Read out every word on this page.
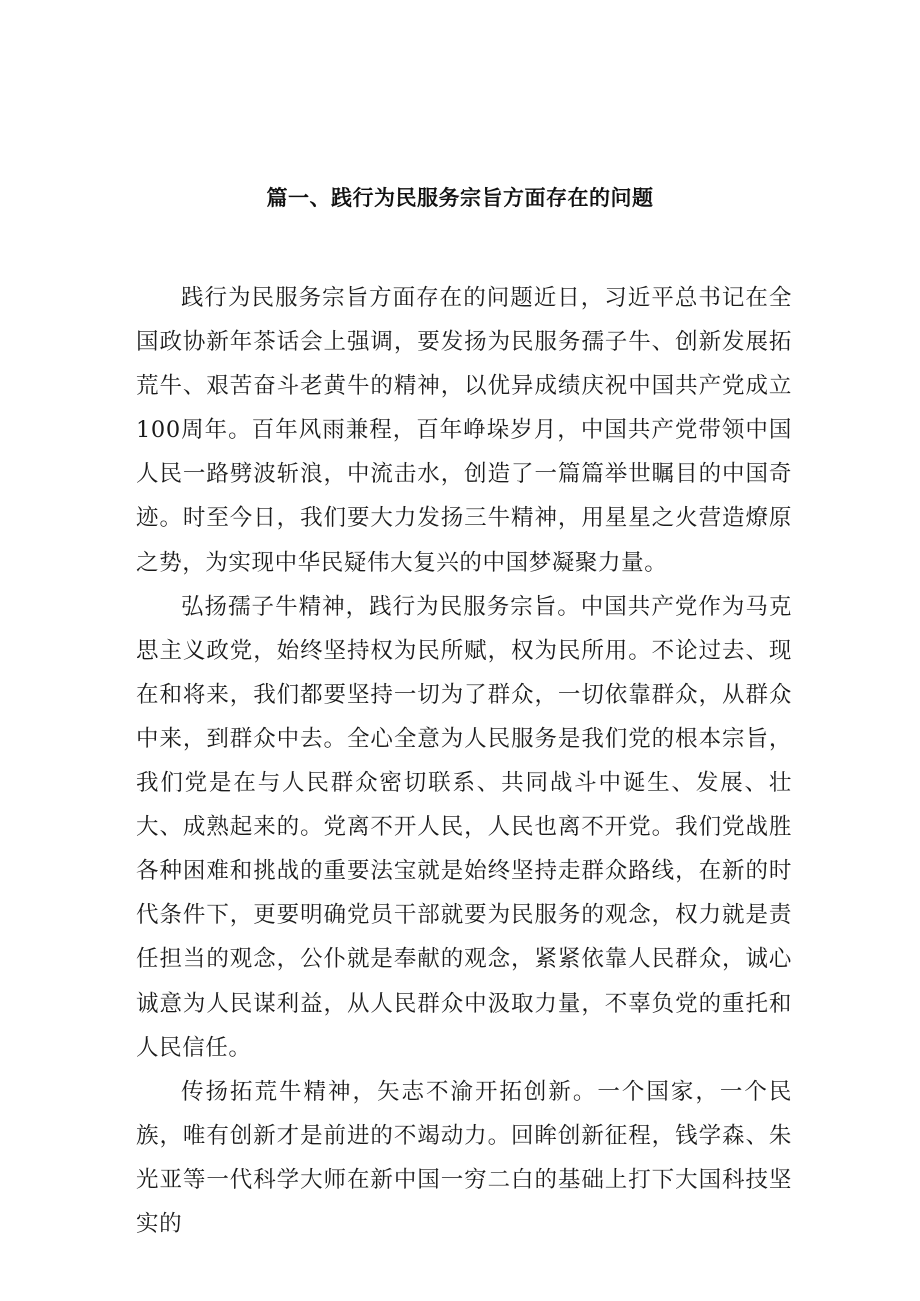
篇一、践行为民服务宗旨方面存在的问题

践行为民服务宗旨方面存在的问题近日，习近平总书记在全国政协新年茶话会上强调，要发扬为民服务孺子牛、创新发展拓荒牛、艰苦奋斗老黄牛的精神，以优异成绩庆祝中国共产党成立100周年。百年风雨兼程，百年峥垛岁月，中国共产党带领中国人民一路劈波斩浪，中流击水，创造了一篇篇举世瞩目的中国奇迹。时至今日，我们要大力发扬三牛精神，用星星之火营造燎原之势，为实现中华民疑伟大复兴的中国梦凝聚力量。

弘扬孺子牛精神，践行为民服务宗旨。中国共产党作为马克思主义政党，始终坚持权为民所赋，权为民所用。不论过去、现在和将来，我们都要坚持一切为了群众，一切依靠群众，从群众中来，到群众中去。全心全意为人民服务是我们党的根本宗旨，我们党是在与人民群众密切联系、共同战斗中诞生、发展、壮大、成熟起来的。党离不开人民，人民也离不开党。我们党战胜各种困难和挑战的重要法宝就是始终坚持走群众路线，在新的时代条件下，更要明确党员干部就要为民服务的观念，权力就是责任担当的观念，公仆就是奉献的观念，紧紧依靠人民群众，诚心诚意为人民谋利益，从人民群众中汲取力量，不辜负党的重托和人民信任。

传扬拓荒牛精神，矢志不渝开拓创新。一个国家，一个民族，唯有创新才是前进的不竭动力。回眸创新征程，钱学森、朱光亚等一代科学大师在新中国一穷二白的基础上打下大国科技坚实的
